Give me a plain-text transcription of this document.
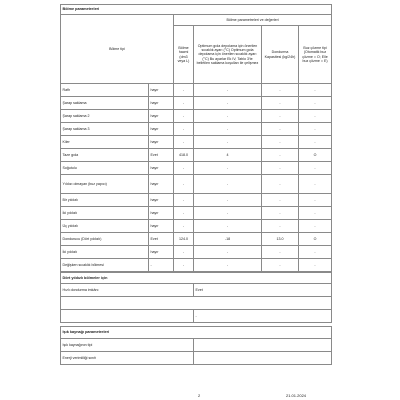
Bölme parametreleri					
Bölme tipi		Bölme parametreleri ve değerleri			
		Bölme hacmi (dm3 veya L)	Optimum gıda depolama için önerilen sıcaklık ayarı (°C) Optimum gıda depolama için önerilen sıcaklık ayarı (°C) Bu ayarlar Ek IV, Tablo 3'te belirtilen saklama koşulları ile çelişmez	Dondurma Kapasitesi (kg/24h)	Buz çözme tipi (Otomatik buz çözme = O; Elle buz çözme = E)
Rafh	hayır	-	-	-	-
Şarap saklama	hayır	-	-	-	-
Şarap saklama 2	hayır	-	-	-	-
Şarap saklama 3	hayır	-	-	-	-
Kiler	hayır	-	-	-	-
Taze gıda	Evet	418.0	4	-	O
Soğutulu	hayır	-	-	-	-
Yıldızı olmayan (buz yapıcı)	hayır	-	-	-	-
Bir yıldızlı	hayır	-	-	-	-
İki yıldızlı	hayır	-	-	-	-
Üç yıldızlı	hayır	-	-	-	-
Dondurucu (Dört yıldızlı)	Evet	124.0	-18	13.0	O
İki yıldızlı	hayır	-	-	-	-
Değişken sıcaklık bölmesi	-	-	-	-	-
Dört yıldızlı bölmeler için	
Hızlı dondurma imkânı	Evet

	-
Işık kaynağı parametreleri	
Işık kaynağının tipi	
Enerji verimliliği sınıfı	
2	21.01.2024
